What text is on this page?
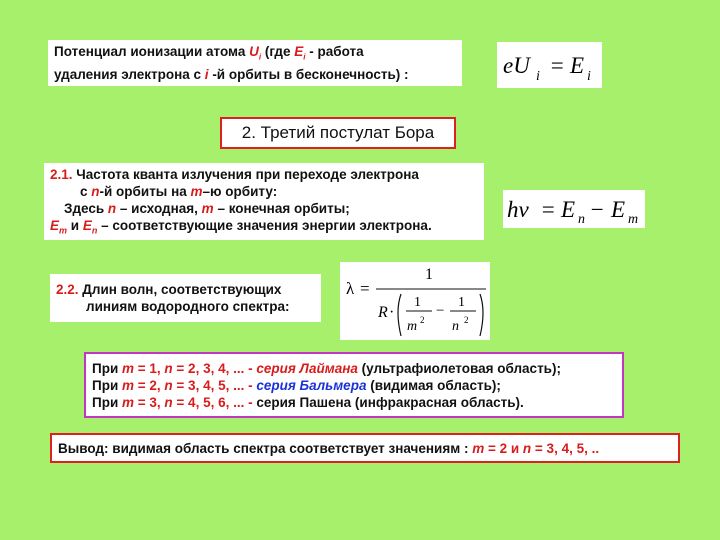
Потенциал ионизации атома $U_i$ (где $E_i$ - работа
удаления электрона с i -й орбиты в бесконечность) :	eU i = E i
2. Третий постулат Бора
2.1. Частота кванта излучения при переходе электрона
с n-й орбиты на m–ю орбиту:
Здесь n – исходная, m – конечная орбиты;
$E_m$ и $E_n$ – соответствующие значения энергии электрона.
hν = E n − E m
2.2. Длин волн, соответствующих
линиям водородного спектра:
λ =
1
R ·
1
m 2
−
1
n 2
При m = 1, n = 2, 3, 4, ... - серия Лаймана (ультрафиолетовая область);
При m = 2, n = 3, 4, 5, ... - серия Бальмера (видимая область);
При m = 3, n = 4, 5, 6, ... - серия Пашена (инфракрасная область).
Вывод: видимая область спектра соответствует значениям : m = 2 и n = 3, 4, 5, ..
